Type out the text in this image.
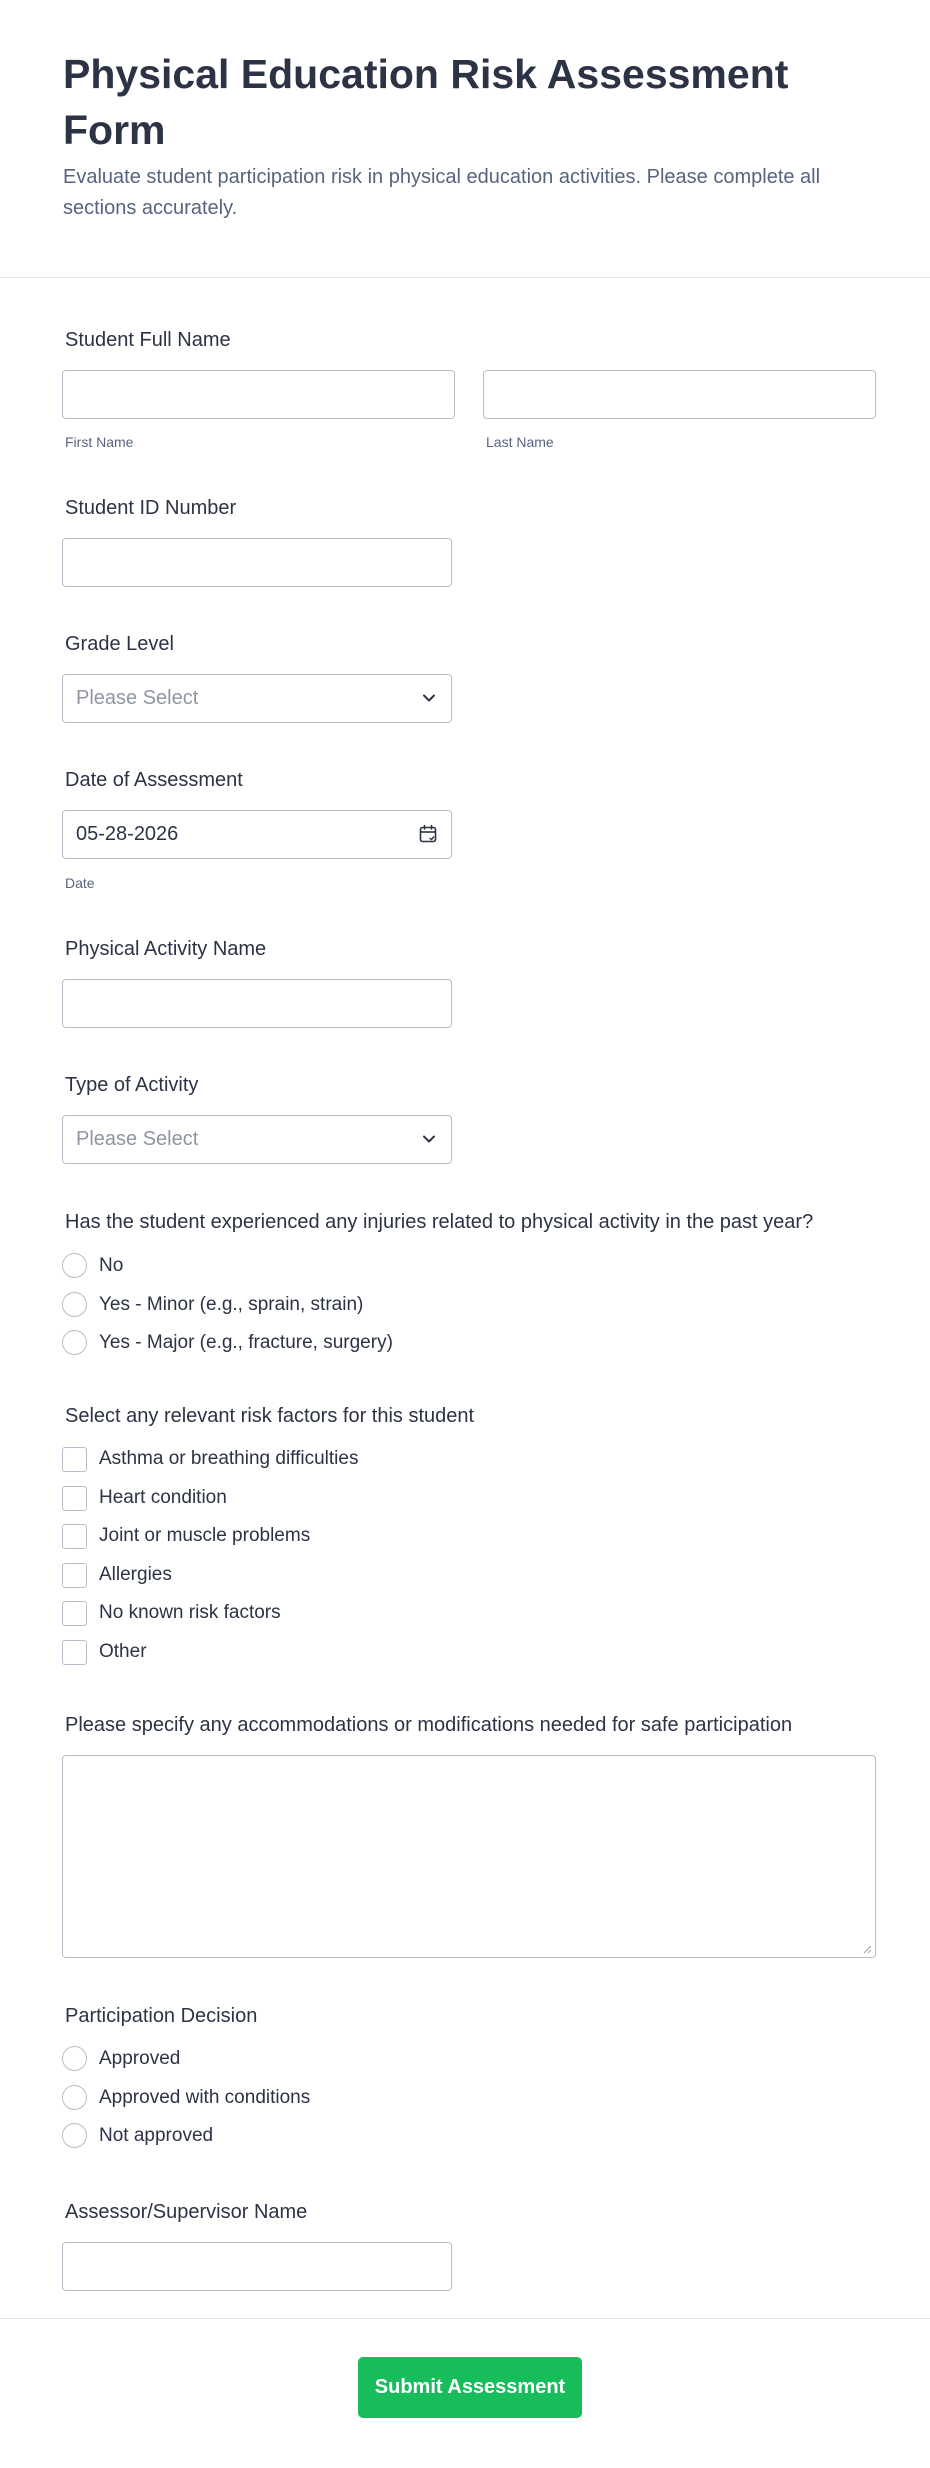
Physical Education Risk Assessment Form

Evaluate student participation risk in physical education activities. Please complete all sections accurately.

Student Full Name
First Name	Last Name
Student ID Number
Grade Level
Please Select
Date of Assessment
05-28-2026
Date
Physical Activity Name
Type of Activity
Please Select
Has the student experienced any injuries related to physical activity in the past year?
No
Yes - Minor (e.g., sprain, strain)
Yes - Major (e.g., fracture, surgery)
Select any relevant risk factors for this student
Asthma or breathing difficulties
Heart condition
Joint or muscle problems
Allergies
No known risk factors
Other
Please specify any accommodations or modifications needed for safe participation
Participation Decision
Approved
Approved with conditions
Not approved
Assessor/Supervisor Name
Submit Assessment
